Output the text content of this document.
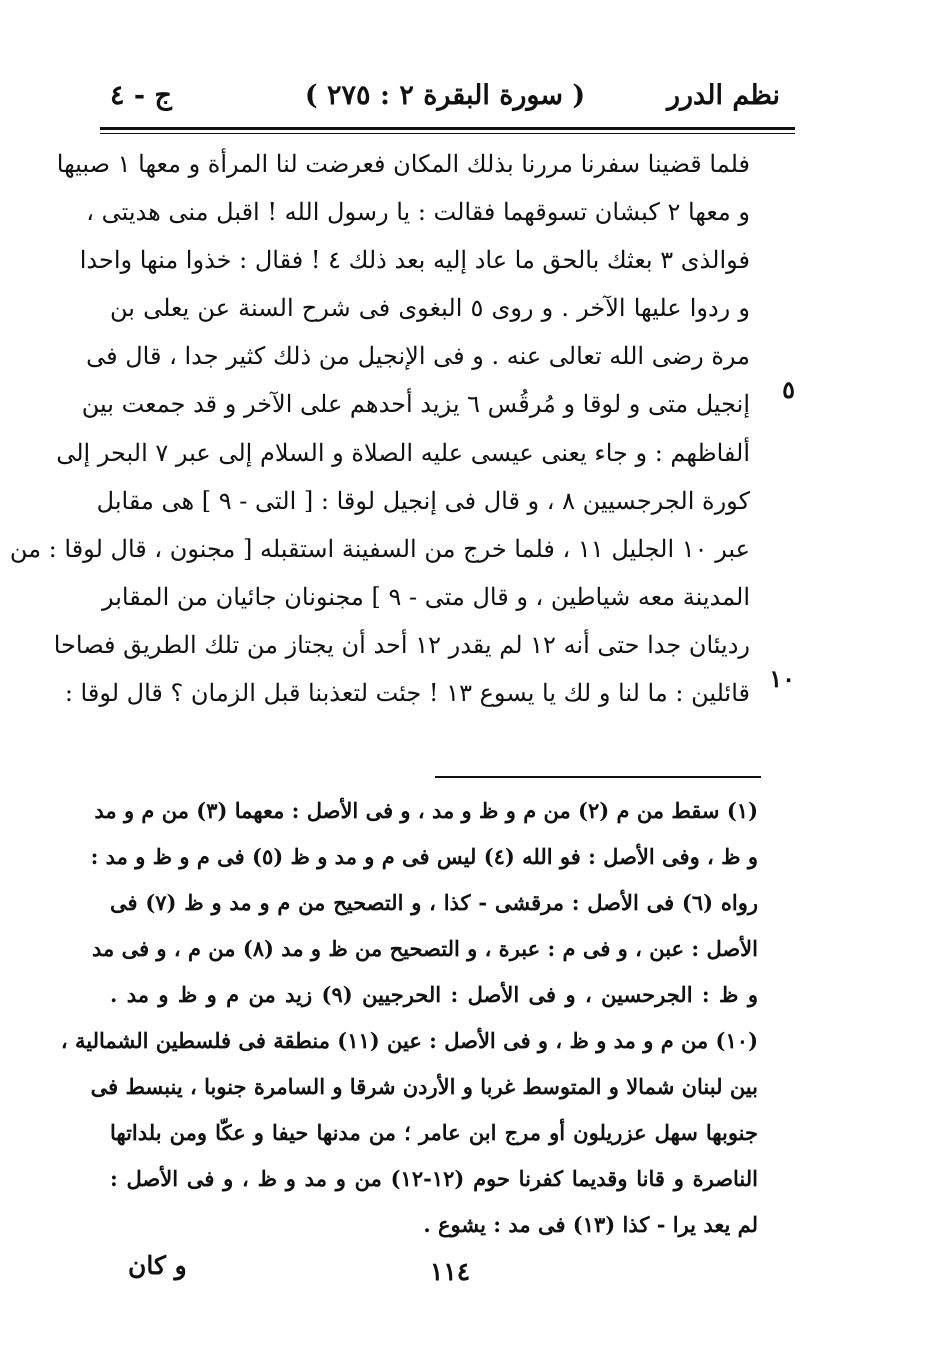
نظم الدرر
( سورة البقرة ٢ : ٢٧٥ )
ج - ٤
فلما قضينا سفرنا مررنا بذلك المكان فعرضت لنا المرأة و معها ١ صبيها
و معها ٢ كبشان تسوقهما فقالت : يا رسول الله ! اقبل منى هديتى ،
فوالذى ٣ بعثك بالحق ما عاد إليه بعد ذلك ٤ ! فقال : خذوا منها واحدا
و ردوا عليها الآخر . و روى ٥ البغوى فى شرح السنة عن يعلى بن
مرة رضى الله تعالى عنه . و فى الإنجيل من ذلك كثير جدا ، قال فى
إنجيل متى و لوقا و مُرقُس ٦ يزيد أحدهم على الآخر و قد جمعت بين
ألفاظهم : و جاء يعنى عيسى عليه الصلاة و السلام إلى عبر ٧ البحر إلى
كورة الجرجسيين ٨ ، و قال فى إنجيل لوقا : [ التى - ٩ ] هى مقابل
عبر ١٠ الجليل ١١ ، فلما خرج من السفينة استقبله [ مجنون ، قال لوقا : من
المدينة معه شياطين ، و قال متى - ٩ ] مجنونان جائيان من المقابر
رديئان جدا حتى أنه ١٢ لم يقدر ١٢ أحد أن يجتاز من تلك الطريق فصاحا
قائلين : ما لنا و لك يا يسوع ١٣ ! جئت لتعذبنا قبل الزمان ؟ قال لوقا :
٥
١٠
(١) سقط من م (٢) من م و ظ و مد ، و فى الأصل : معهما (٣) من م و مد
و ظ ، وفى الأصل : فو الله (٤) ليس فى م و مد و ظ (٥) فى م و ظ و مد :
رواه (٦) فى الأصل : مرقشى - كذا ، و التصحيح من م و مد و ظ (٧) فى
الأصل : عبن ، و فى م : عبرة ، و التصحيح من ظ و مد (٨) من م ، و فى مد
و ظ : الجرحسين ، و فى الأصل : الحرجيين (٩) زيد من م و ظ و مد .
(١٠) من م و مد و ظ ، و فى الأصل : عين (١١) منطقة فى فلسطين الشمالية ،
بين لبنان شمالا و المتوسط غربا و الأردن شرقا و السامرة جنوبا ، ينبسط فى
جنوبها سهل عزريلون أو مرج ابن عامر ؛ من مدنها حيفا و عكّا ومن بلداتها
الناصرة و قانا وقديما كفرنا حوم (١٢-١٢) من و مد و ظ ، و فى الأصل :
لم يعد يرا - كذا (١٣) فى مد : يشوع .
١١٤
و كان
